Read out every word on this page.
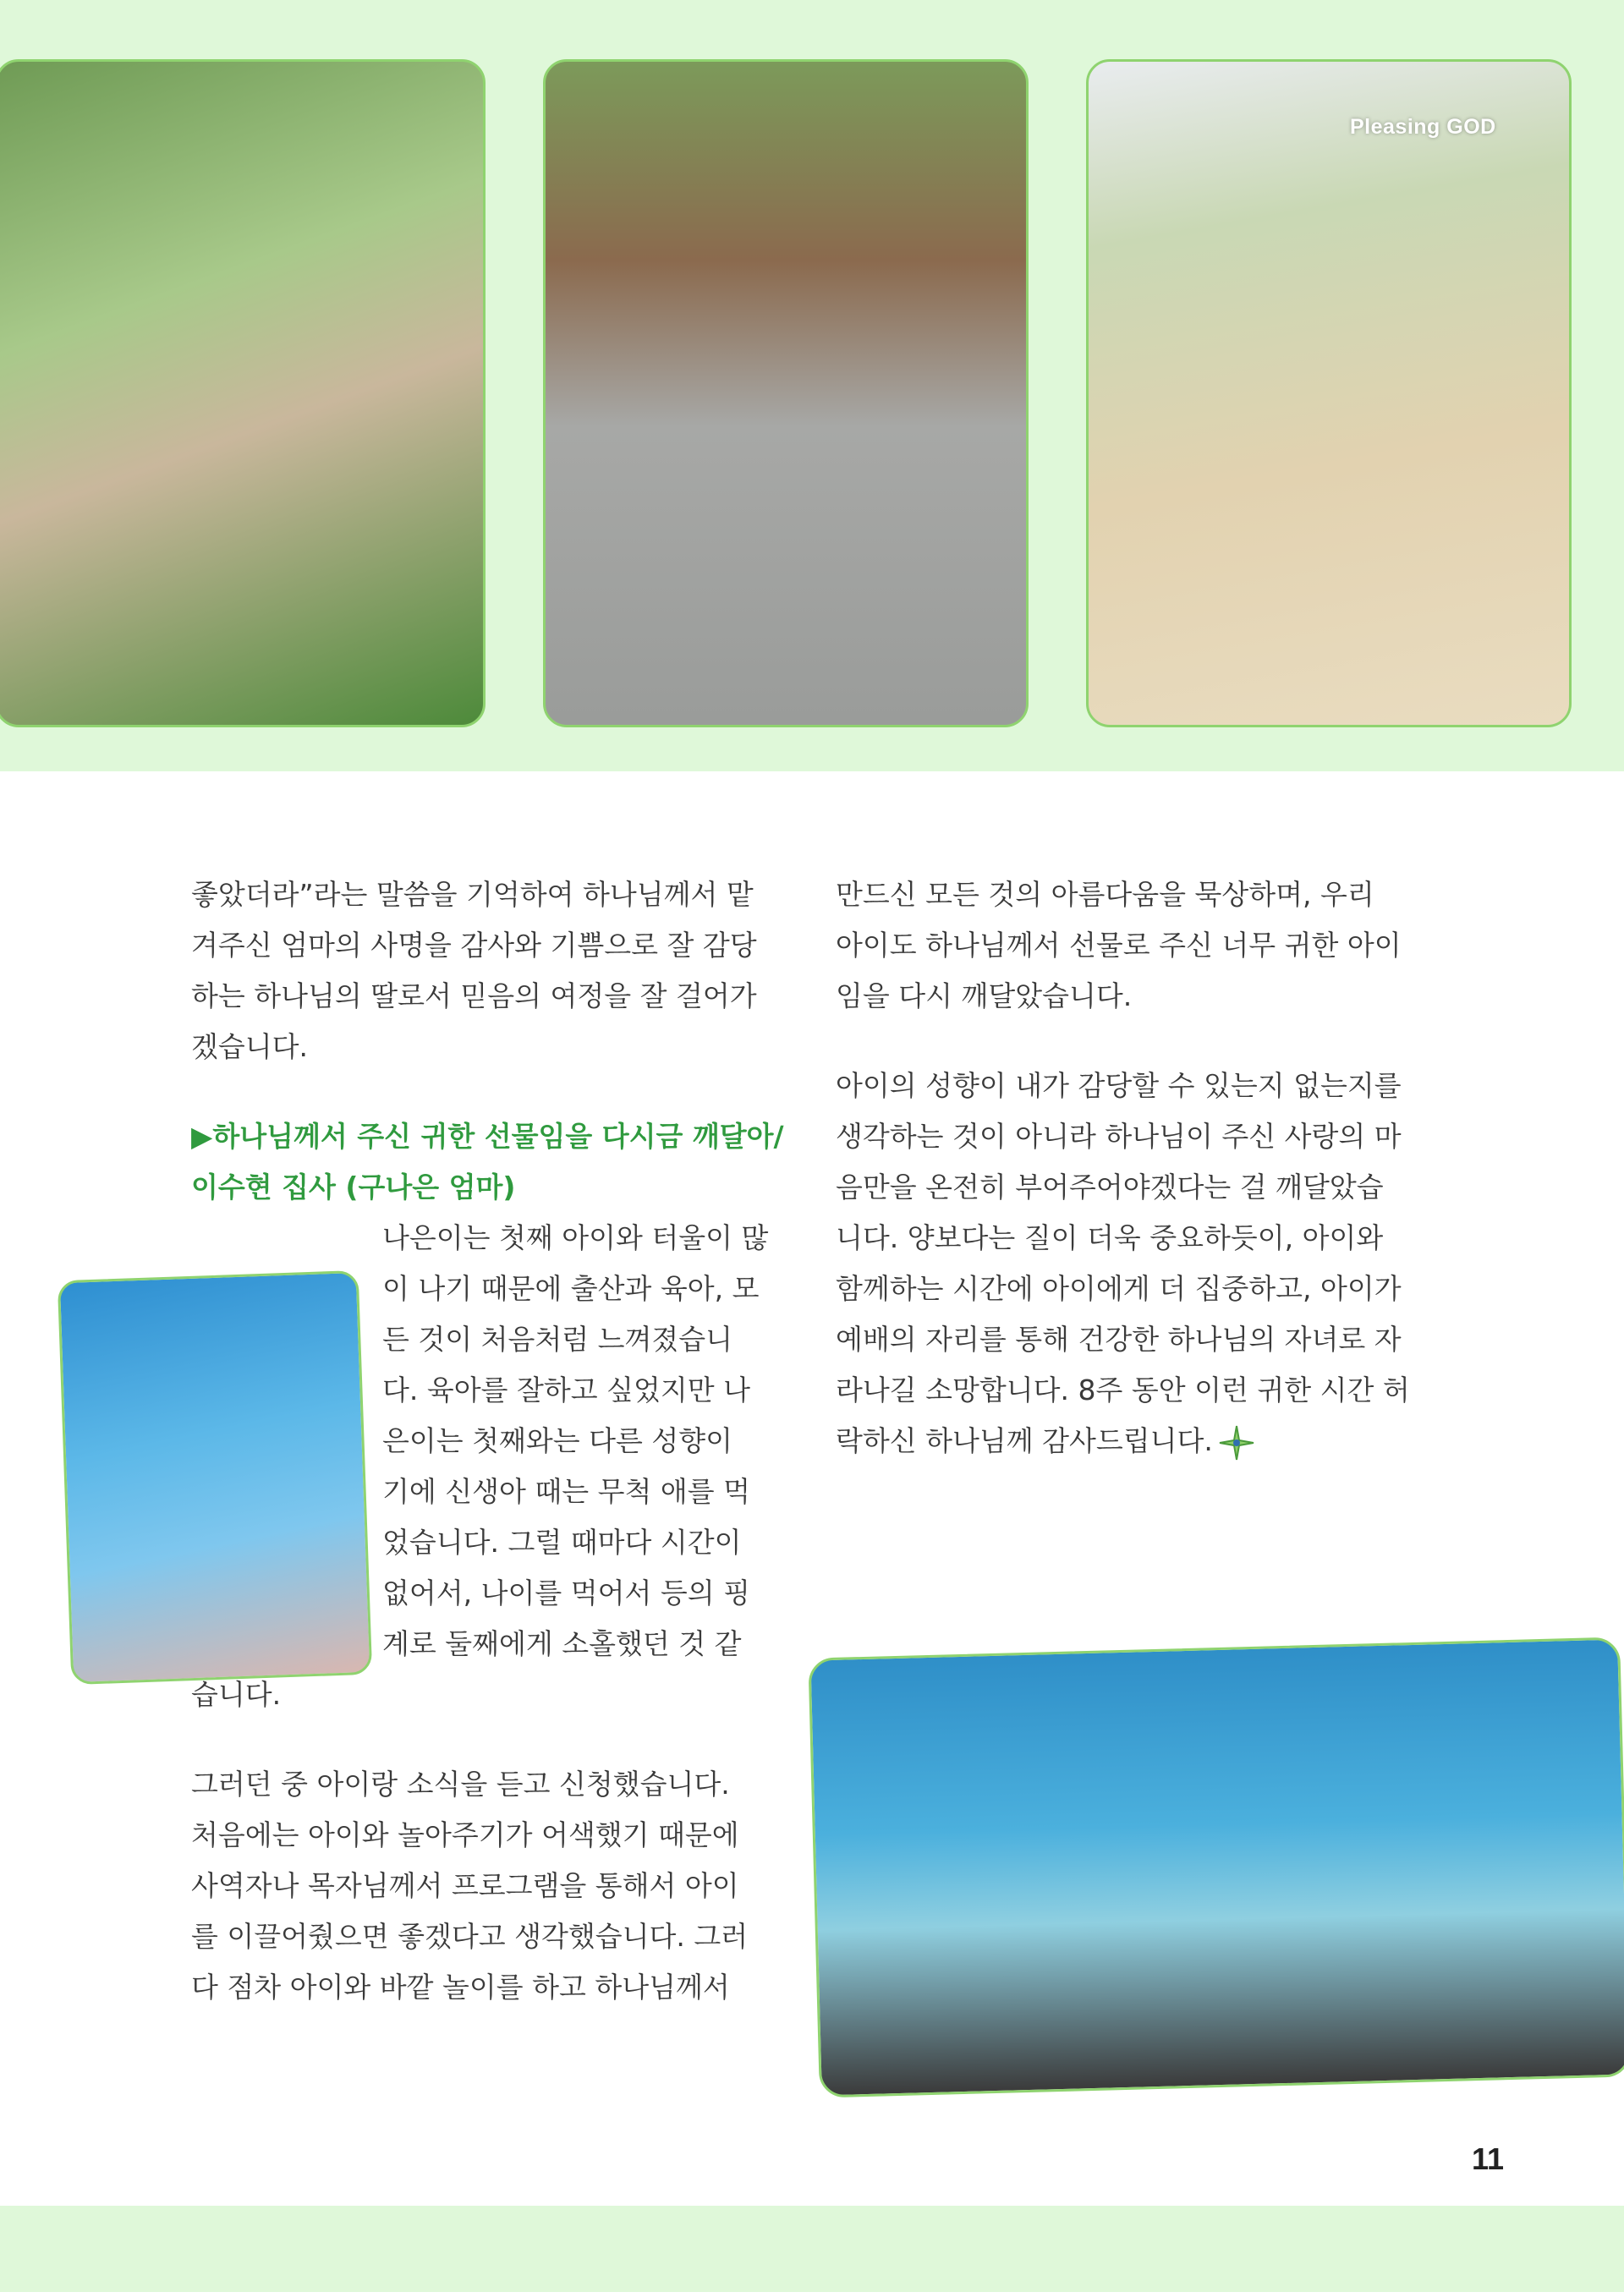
Pleasing GOD

좋았더라”라는 말씀을 기억하여 하나님께서 맡
겨주신 엄마의 사명을 감사와 기쁨으로 잘 감당
하는 하나님의 딸로서 믿음의 여정을 잘 걸어가
겠습니다.

▶하나님께서 주신 귀한 선물임을 다시금 깨달아/
이수현 집사 (구나은 엄마)

나은이는 첫째 아이와 터울이 많
이 나기 때문에 출산과 육아, 모
든 것이 처음처럼 느껴졌습니
다. 육아를 잘하고 싶었지만 나
은이는 첫째와는 다른 성향이
기에 신생아 때는 무척 애를 먹
었습니다. 그럴 때마다 시간이
없어서, 나이를 먹어서 등의 핑
계로 둘째에게 소홀했던 것 같
습니다.

그러던 중 아이랑 소식을 듣고 신청했습니다.
처음에는 아이와 놀아주기가 어색했기 때문에
사역자나 목자님께서 프로그램을 통해서 아이
를 이끌어줬으면 좋겠다고 생각했습니다. 그러
다 점차 아이와 바깥 놀이를 하고 하나님께서

만드신 모든 것의 아름다움을 묵상하며, 우리
아이도 하나님께서 선물로 주신 너무 귀한 아이
임을 다시 깨달았습니다.

아이의 성향이 내가 감당할 수 있는지 없는지를
생각하는 것이 아니라 하나님이 주신 사랑의 마
음만을 온전히 부어주어야겠다는 걸 깨달았습
니다. 양보다는 질이 더욱 중요하듯이, 아이와
함께하는 시간에 아이에게 더 집중하고, 아이가
예배의 자리를 통해 건강한 하나님의 자녀로 자
라나길 소망합니다. 8주 동안 이런 귀한 시간 허
락하신 하나님께 감사드립니다.

11
